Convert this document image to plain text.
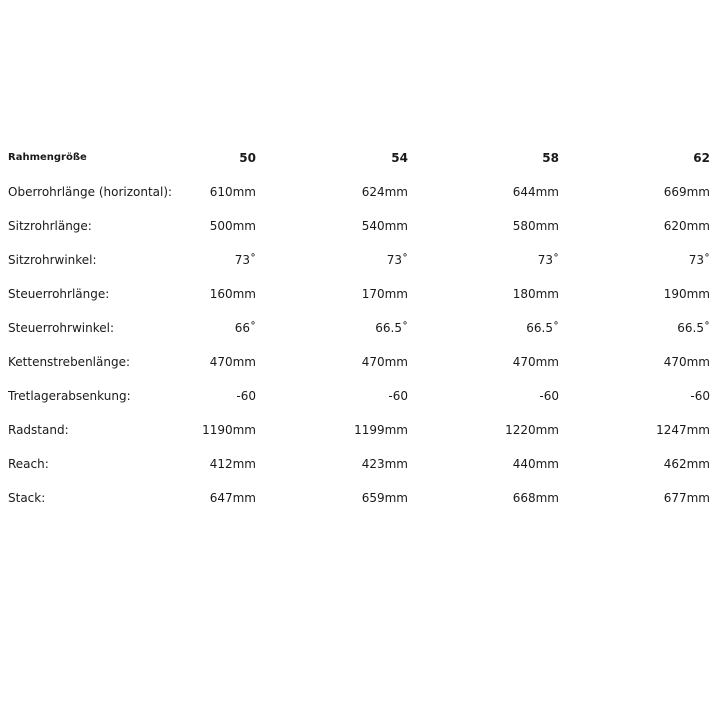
Rahmengröße	50	54	58	62
Oberrohrlänge (horizontal):	610mm	624mm	644mm	669mm
Sitzrohrlänge:	500mm	540mm	580mm	620mm
Sitzrohrwinkel:	73˚	73˚	73˚	73˚
Steuerrohrlänge:	160mm	170mm	180mm	190mm
Steuerrohrwinkel:	66˚	66.5˚	66.5˚	66.5˚
Kettenstrebenlänge:	470mm	470mm	470mm	470mm
Tretlagerabsenkung:	-60	-60	-60	-60
Radstand:	1190mm	1199mm	1220mm	1247mm
Reach:	412mm	423mm	440mm	462mm
Stack:	647mm	659mm	668mm	677mm
